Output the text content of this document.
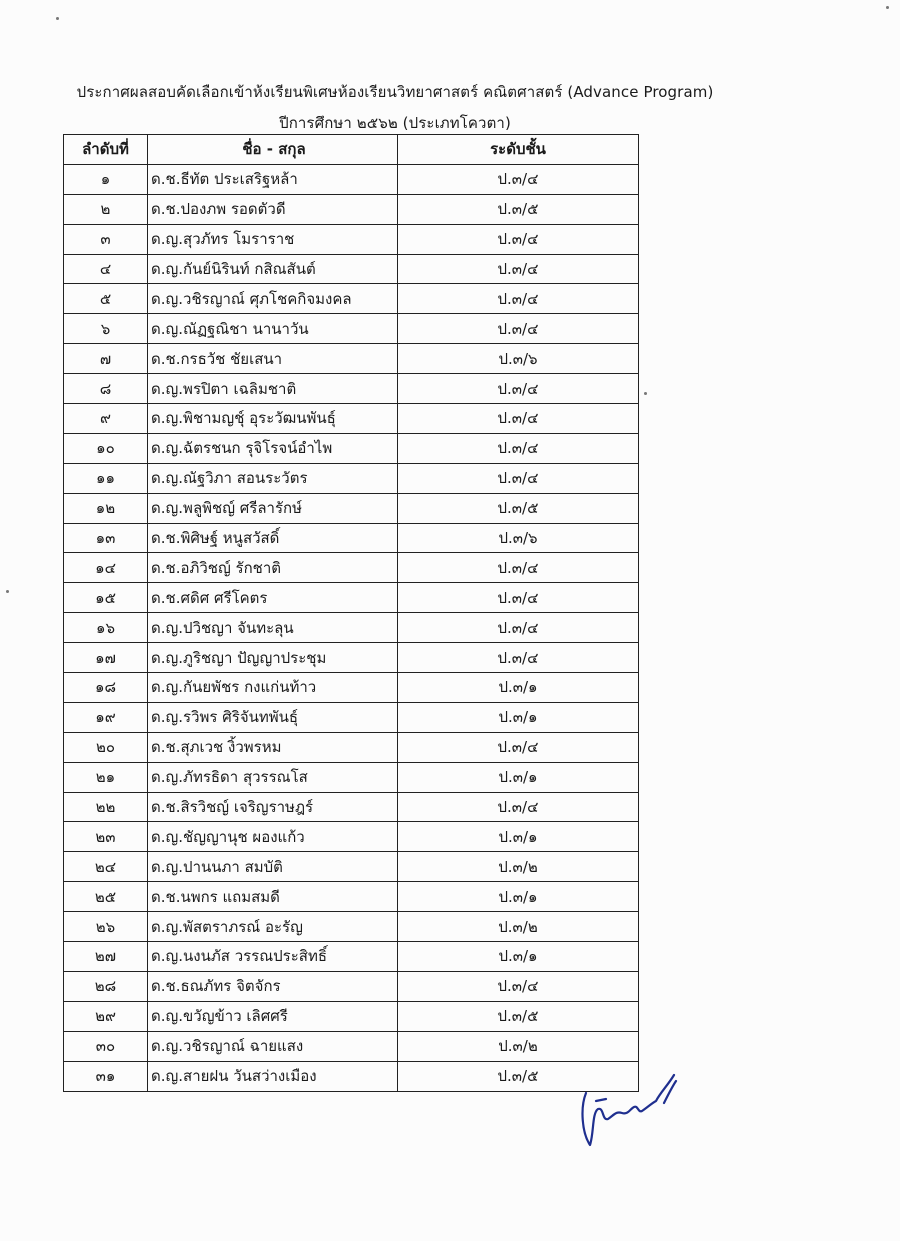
ประกาศผลสอบคัดเลือกเข้าห้งเรียนพิเศษห้องเรียนวิทยาศาสตร์ คณิตศาสตร์ (Advance Program)
ปีการศึกษา ๒๕๖๒ (ประเภทโควตา)
ลำดับที่	ชื่อ - สกุล	ระดับชั้น
๑	ด.ช.ธีทัต ประเสริฐหล้า	ป.๓/๔
๒	ด.ช.ปองภพ รอดตัวดี	ป.๓/๕
๓	ด.ญ.สุวภัทร โมราราช	ป.๓/๔
๔	ด.ญ.กันย์นิรินท์ กสิณสันต์	ป.๓/๔
๕	ด.ญ.วชิรญาณ์ ศุภโชคกิจมงคล	ป.๓/๔
๖	ด.ญ.ณัฏฐณิชา นานาวัน	ป.๓/๔
๗	ด.ช.กรธวัช ชัยเสนา	ป.๓/๖
๘	ด.ญ.พรปิตา เฉลิมชาติ	ป.๓/๔
๙	ด.ญ.พิชามญชุ์ อุระวัฒนพันธุ์	ป.๓/๔
๑๐	ด.ญ.ฉัตรชนก รุจิโรจน์อำไพ	ป.๓/๔
๑๑	ด.ญ.ณัฐวิภา สอนระวัตร	ป.๓/๔
๑๒	ด.ญ.พลูพิชญ์ ศรีลารักษ์	ป.๓/๕
๑๓	ด.ช.พิศิษฐ์ หนูสวัสดิ์	ป.๓/๖
๑๔	ด.ช.อภิวิชญ์ รักชาติ	ป.๓/๔
๑๕	ด.ช.ศดิศ ศรีโคตร	ป.๓/๔
๑๖	ด.ญ.ปวิชญา จันทะลุน	ป.๓/๔
๑๗	ด.ญ.ภูริชญา ปัญญาประชุม	ป.๓/๔
๑๘	ด.ญ.กันยพัชร กงแก่นท้าว	ป.๓/๑
๑๙	ด.ญ.รวิพร ศิริจันทพันธุ์	ป.๓/๑
๒๐	ด.ช.สุภเวช งิ้วพรหม	ป.๓/๔
๒๑	ด.ญ.ภัทรธิดา สุวรรณโส	ป.๓/๑
๒๒	ด.ช.สิรวิชญ์ เจริญราษฎร์	ป.๓/๔
๒๓	ด.ญ.ชัญญานุช ผองแก้ว	ป.๓/๑
๒๔	ด.ญ.ปานนภา สมบัติ	ป.๓/๒
๒๕	ด.ช.นพกร แถมสมดี	ป.๓/๑
๒๖	ด.ญ.พัสตราภรณ์ อะรัญ	ป.๓/๒
๒๗	ด.ญ.นงนภัส วรรณประสิทธิ์	ป.๓/๑
๒๘	ด.ช.ธณภัทร จิตจักร	ป.๓/๔
๒๙	ด.ญ.ขวัญข้าว เลิศศรี	ป.๓/๕
๓๐	ด.ญ.วชิรญาณ์ ฉายแสง	ป.๓/๒
๓๑	ด.ญ.สายฝน วันสว่างเมือง	ป.๓/๕
